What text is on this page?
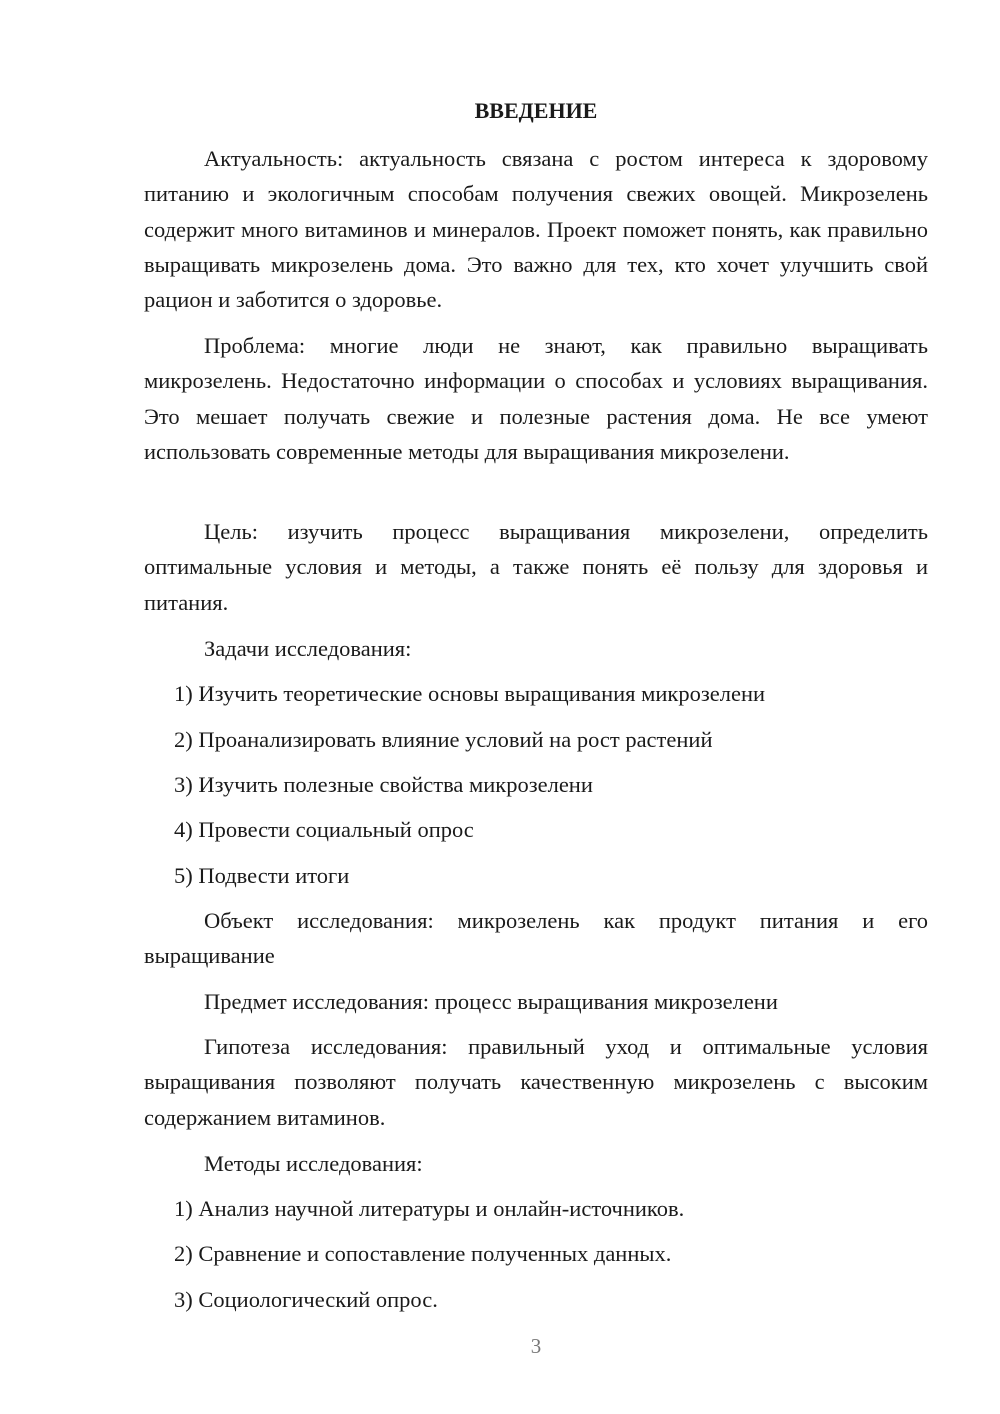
ВВЕДЕНИЕ

Актуальность: актуальность связана с ростом интереса к здоровому питанию и экологичным способам получения свежих овощей. Микрозелень содержит много витаминов и минералов. Проект поможет понять, как правильно выращивать микрозелень дома. Это важно для тех, кто хочет улучшить свой рацион и заботится о здоровье.

Проблема: многие люди не знают, как правильно выращивать микрозелень. Недостаточно информации о способах и условиях выращивания. Это мешает получать свежие и полезные растения дома. Не все умеют использовать современные методы для выращивания микрозелени.

Цель: изучить процесс выращивания микрозелени, определить оптимальные условия и методы, а также понять её пользу для здоровья и питания.

Задачи исследования:

1) Изучить теоретические основы выращивания микрозелени

2) Проанализировать влияние условий на рост растений

3) Изучить полезные свойства микрозелени

4) Провести социальный опрос

5) Подвести итоги

Объект исследования: микрозелень как продукт питания и его выращивание

Предмет исследования: процесс выращивания микрозелени

Гипотеза исследования: правильный уход и оптимальные условия выращивания позволяют получать качественную микрозелень с высоким содержанием витаминов.

Методы исследования:

1) Анализ научной литературы и онлайн-источников.

2) Сравнение и сопоставление полученных данных.

3) Социологический опрос.

3
